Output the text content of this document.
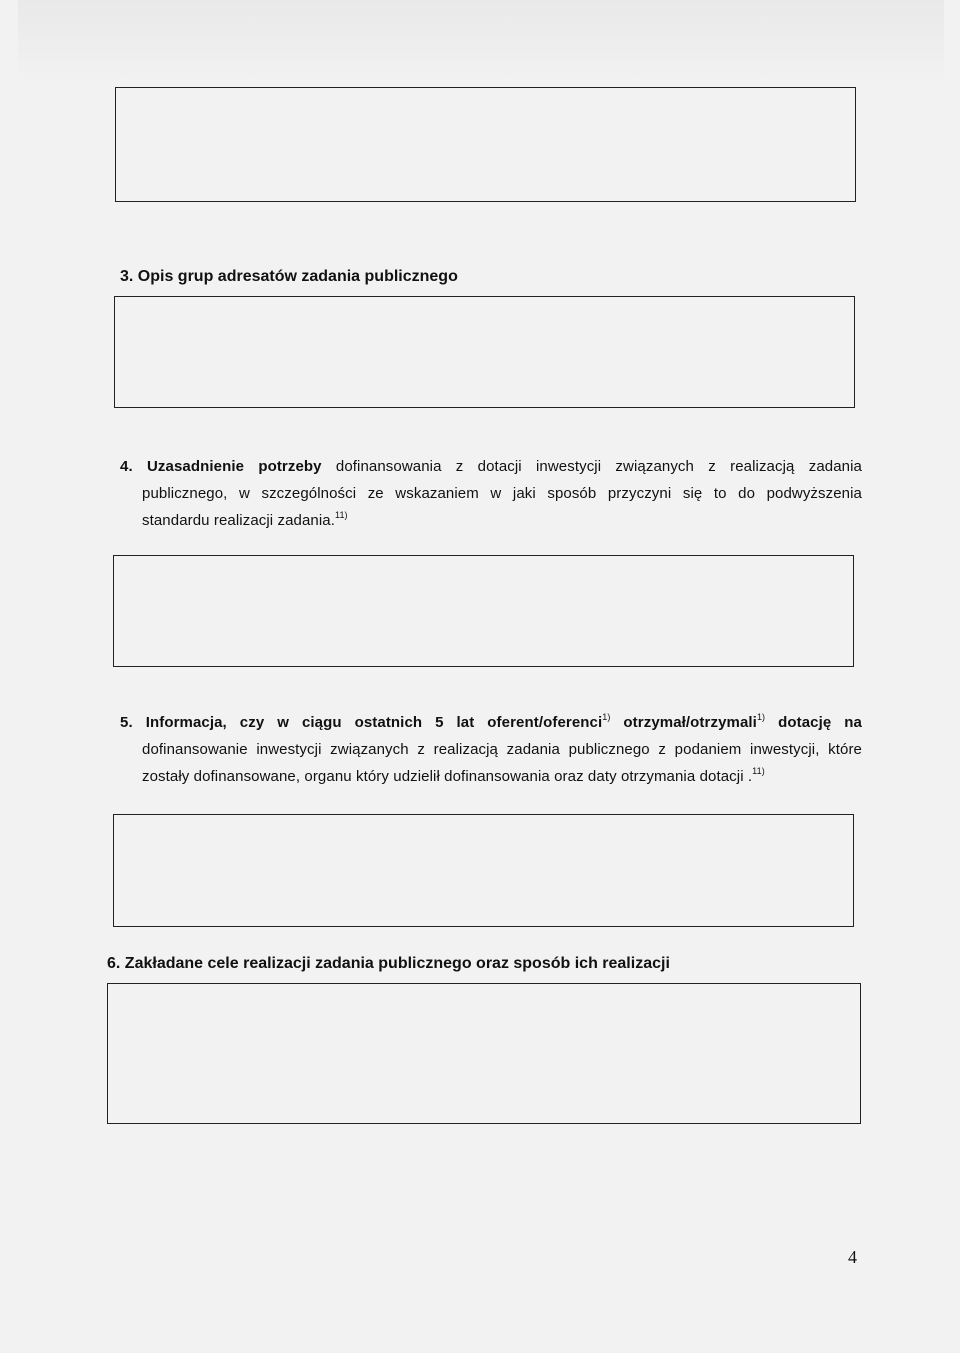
3. Opis grup adresatów zadania publicznego
4. Uzasadnienie potrzeby dofinansowania z dotacji inwestycji związanych z realizacją zadania
publicznego, w szczególności ze wskazaniem w jaki sposób przyczyni się to do podwyższenia
standardu realizacji zadania.$^{11)}$
5. Informacja, czy w ciągu ostatnich 5 lat oferent/oferenci$^{1)}$ otrzymał/otrzymali$^{1)}$ dotację na
dofinansowanie inwestycji związanych z realizacją zadania publicznego z podaniem inwestycji, które
zostały dofinansowane, organu który udzielił dofinansowania oraz daty otrzymania dotacji .$^{11)}$
6. Zakładane cele realizacji zadania publicznego oraz sposób ich realizacji
4
